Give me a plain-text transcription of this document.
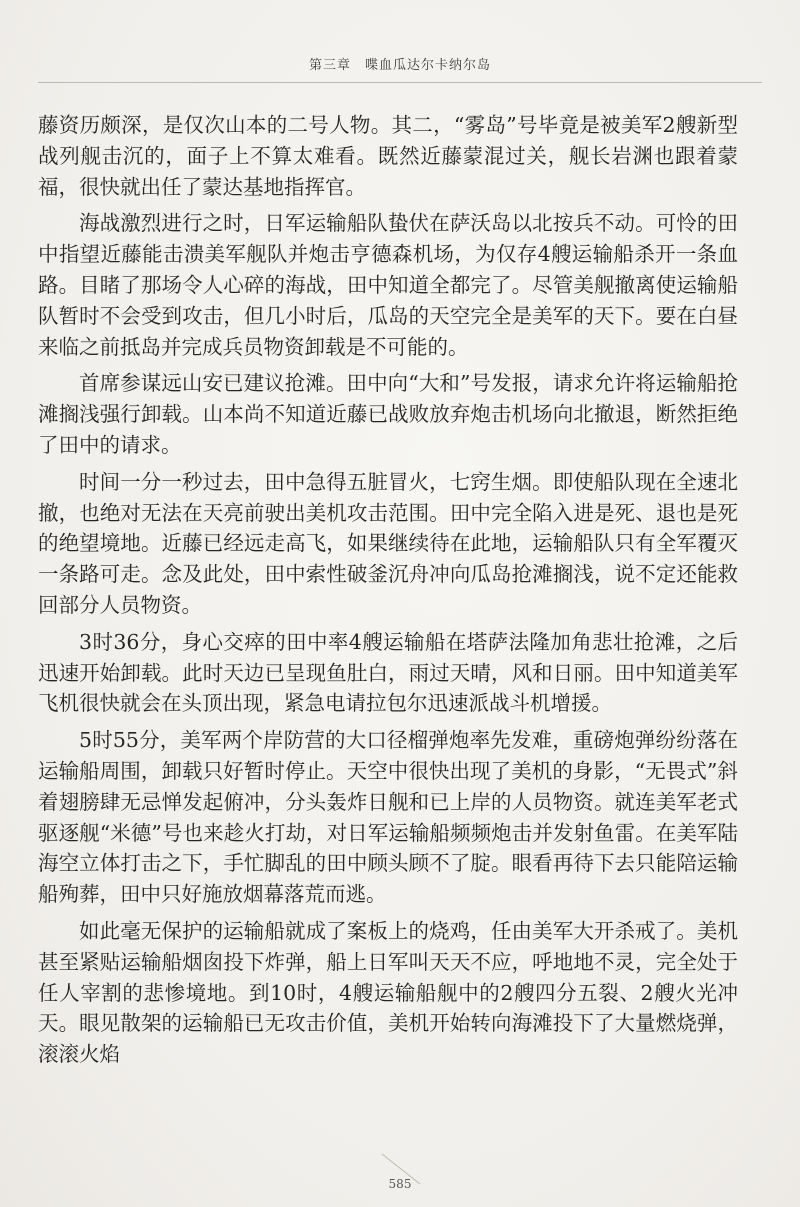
第三章　喋血瓜达尔卡纳尔岛

藤资历颇深，是仅次山本的二号人物。其二，“雾岛”号毕竟是被美军2艘新型战列舰击沉的，面子上不算太难看。既然近藤蒙混过关，舰长岩渊也跟着蒙福，很快就出任了蒙达基地指挥官。

海战激烈进行之时，日军运输船队蛰伏在萨沃岛以北按兵不动。可怜的田中指望近藤能击溃美军舰队并炮击亨德森机场，为仅存4艘运输船杀开一条血路。目睹了那场令人心碎的海战，田中知道全都完了。尽管美舰撤离使运输船队暂时不会受到攻击，但几小时后，瓜岛的天空完全是美军的天下。要在白昼来临之前抵岛并完成兵员物资卸载是不可能的。

首席参谋远山安已建议抢滩。田中向“大和”号发报，请求允许将运输船抢滩搁浅强行卸载。山本尚不知道近藤已战败放弃炮击机场向北撤退，断然拒绝了田中的请求。

时间一分一秒过去，田中急得五脏冒火，七窍生烟。即使船队现在全速北撤，也绝对无法在天亮前驶出美机攻击范围。田中完全陷入进是死、退也是死的绝望境地。近藤已经远走高飞，如果继续待在此地，运输船队只有全军覆灭一条路可走。念及此处，田中索性破釜沉舟冲向瓜岛抢滩搁浅，说不定还能救回部分人员物资。

3时36分，身心交瘁的田中率4艘运输船在塔萨法隆加角悲壮抢滩，之后迅速开始卸载。此时天边已呈现鱼肚白，雨过天晴，风和日丽。田中知道美军飞机很快就会在头顶出现，紧急电请拉包尔迅速派战斗机增援。

5时55分，美军两个岸防营的大口径榴弹炮率先发难，重磅炮弹纷纷落在运输船周围，卸载只好暂时停止。天空中很快出现了美机的身影，“无畏式”斜着翅膀肆无忌惮发起俯冲，分头轰炸日舰和已上岸的人员物资。就连美军老式驱逐舰“米德”号也来趁火打劫，对日军运输船频频炮击并发射鱼雷。在美军陆海空立体打击之下，手忙脚乱的田中顾头顾不了腚。眼看再待下去只能陪运输船殉葬，田中只好施放烟幕落荒而逃。

如此毫无保护的运输船就成了案板上的烧鸡，任由美军大开杀戒了。美机甚至紧贴运输船烟囱投下炸弹，船上日军叫天天不应，呼地地不灵，完全处于任人宰割的悲惨境地。到10时，4艘运输船舰中的2艘四分五裂、2艘火光冲天。眼见散架的运输船已无攻击价值，美机开始转向海滩投下了大量燃烧弹，滚滚火焰

585
